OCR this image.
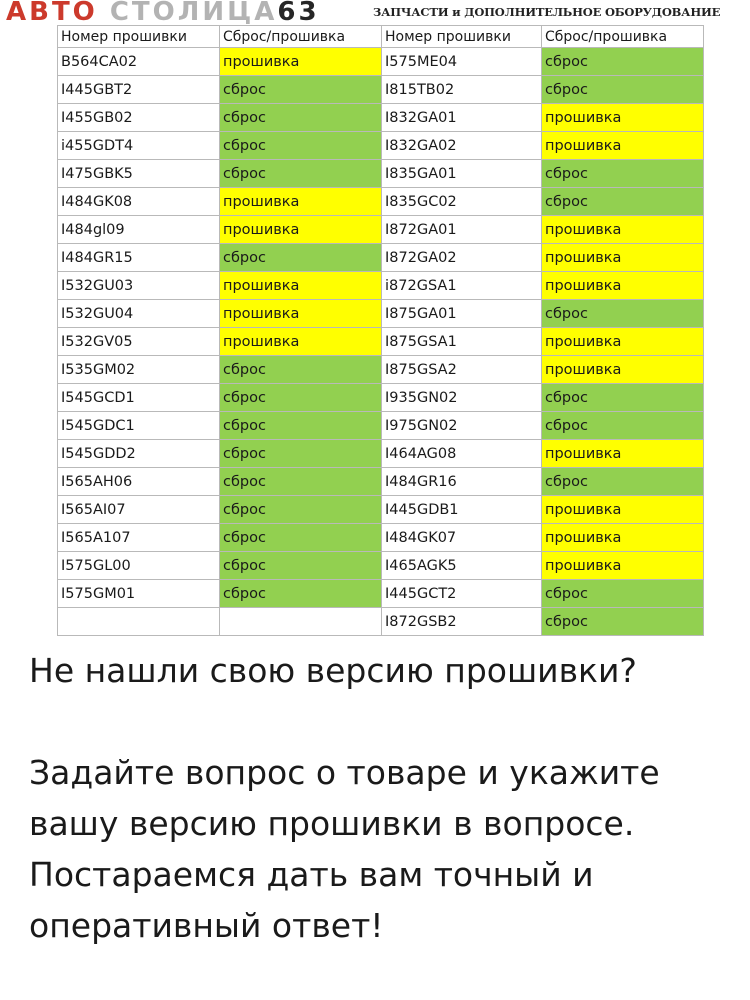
АВТО СТОЛИЦА63	ЗАПЧАСТИ и ДОПОЛНИТЕЛЬНОЕ ОБОРУДОВАНИЕ
Номер прошивки	Сброс/прошивка	Номер прошивки	Сброс/прошивка
B564CA02	прошивка	I575ME04	сброс
I445GBT2	сброс	I815TB02	сброс
I455GB02	сброс	I832GA01	прошивка
i455GDT4	сброс	I832GA02	прошивка
I475GBK5	сброс	I835GA01	сброс
I484GK08	прошивка	I835GC02	сброс
I484gl09	прошивка	I872GA01	прошивка
I484GR15	сброс	I872GA02	прошивка
I532GU03	прошивка	i872GSA1	прошивка
I532GU04	прошивка	I875GA01	сброс
I532GV05	прошивка	I875GSA1	прошивка
I535GM02	сброс	I875GSA2	прошивка
I545GCD1	сброс	I935GN02	сброс
I545GDC1	сброс	I975GN02	сброс
I545GDD2	сброс	I464AG08	прошивка
I565AH06	сброс	I484GR16	сброс
I565AI07	сброс	I445GDB1	прошивка
I565A107	сброс	I484GK07	прошивка
I575GL00	сброс	I465AGK5	прошивка
I575GM01	сброс	I445GCT2	сброс
		I872GSB2	сброс

Не нашли свою версию прошивки?

Задайте вопрос о товаре и укажите

вашу версию прошивки в вопросе.

Постараемся дать вам точный и

оперативный ответ!
